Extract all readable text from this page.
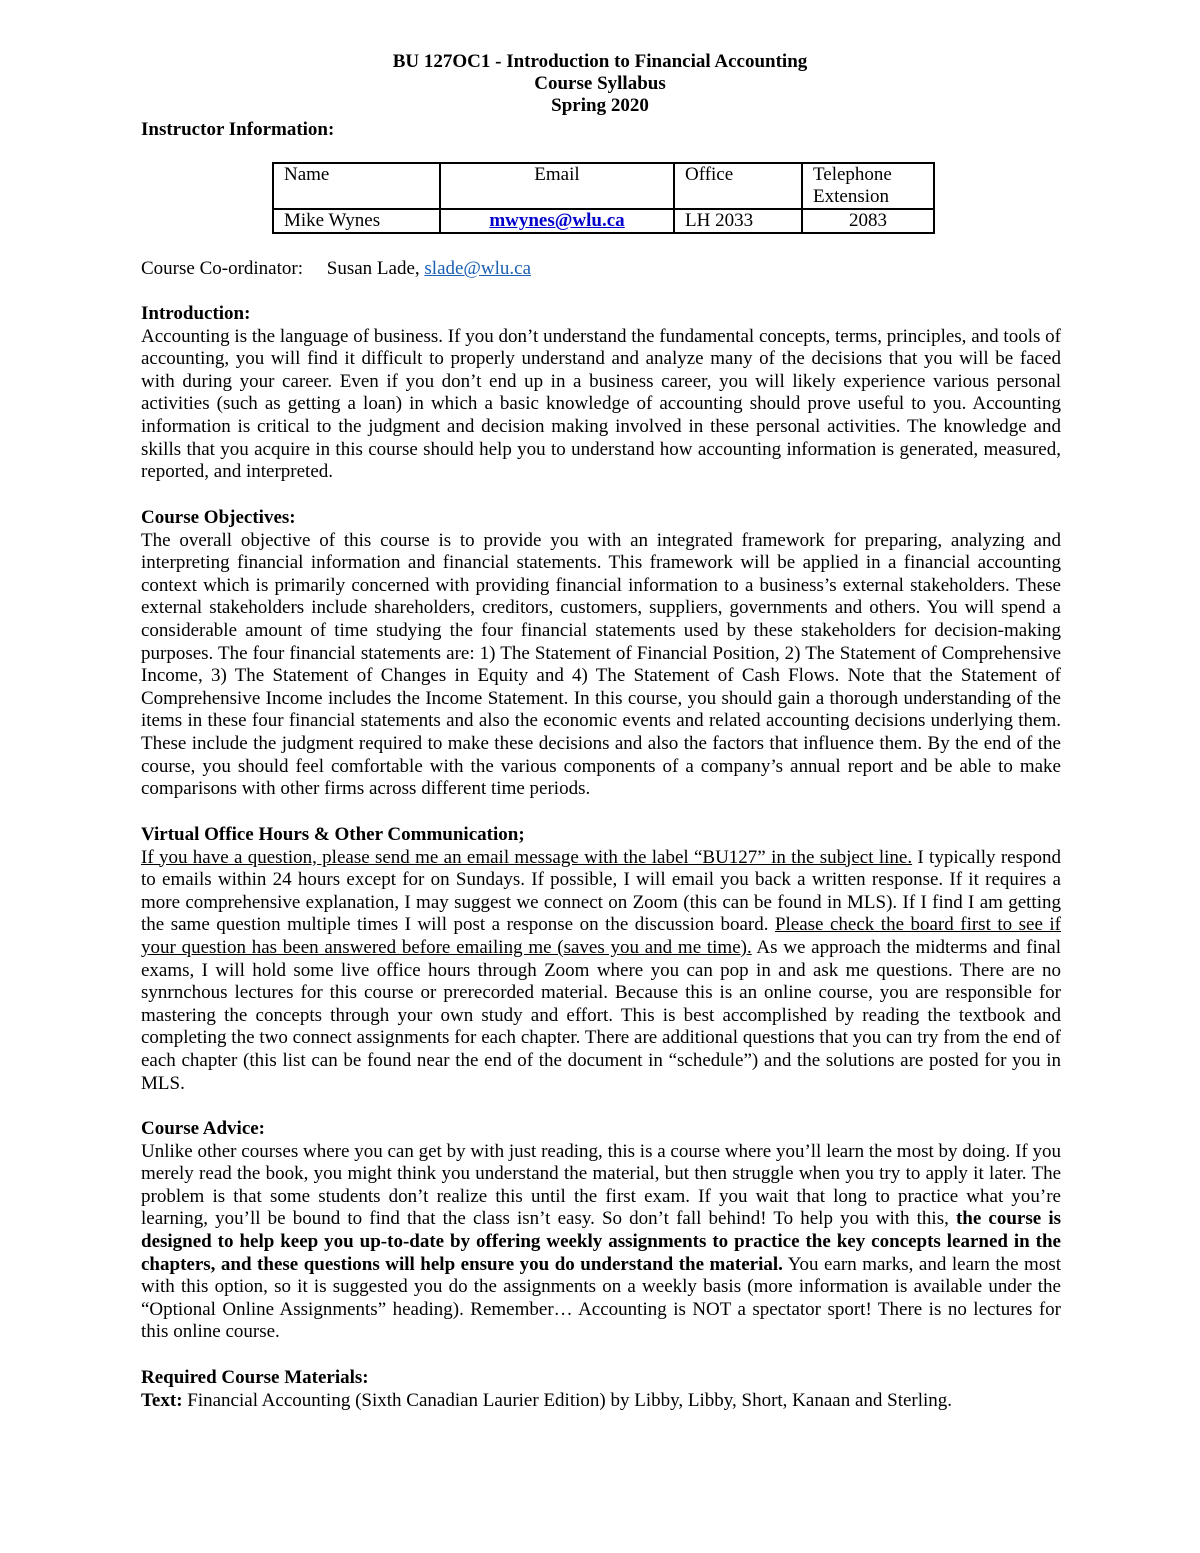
BU 127OC1 - Introduction to Financial Accounting
Course Syllabus
Spring 2020
Instructor Information:
Name	Email	Office	Telephone Extension
Mike Wynes	mwynes@wlu.ca	LH 2033	2083
Course Co-ordinator: Susan Lade, slade@wlu.ca
Introduction:

Accounting is the language of business. If you don’t understand the fundamental concepts, terms, principles, and tools of accounting, you will find it difficult to properly understand and analyze many of the decisions that you will be faced with during your career. Even if you don’t end up in a business career, you will likely experience various personal activities (such as getting a loan) in which a basic knowledge of accounting should prove useful to you. Accounting information is critical to the judgment and decision making involved in these personal activities. The knowledge and skills that you acquire in this course should help you to understand how accounting information is generated, measured, reported, and interpreted.

Course Objectives:

The overall objective of this course is to provide you with an integrated framework for preparing, analyzing and interpreting financial information and financial statements. This framework will be applied in a financial accounting context which is primarily concerned with providing financial information to a business’s external stakeholders. These external stakeholders include shareholders, creditors, customers, suppliers, governments and others. You will spend a considerable amount of time studying the four financial statements used by these stakeholders for decision-making purposes. The four financial statements are: 1) The Statement of Financial Position, 2) The Statement of Comprehensive Income, 3) The Statement of Changes in Equity and 4) The Statement of Cash Flows. Note that the Statement of Comprehensive Income includes the Income Statement. In this course, you should gain a thorough understanding of the items in these four financial statements and also the economic events and related accounting decisions underlying them. These include the judgment required to make these decisions and also the factors that influence them. By the end of the course, you should feel comfortable with the various components of a company’s annual report and be able to make comparisons with other firms across different time periods.

Virtual Office Hours & Other Communication;

If you have a question, please send me an email message with the label “BU127” in the subject line. I typically respond to emails within 24 hours except for on Sundays. If possible, I will email you back a written response. If it requires a more comprehensive explanation, I may suggest we connect on Zoom (this can be found in MLS). If I find I am getting the same question multiple times I will post a response on the discussion board. Please check the board first to see if your question has been answered before emailing me (saves you and me time). As we approach the midterms and final exams, I will hold some live office hours through Zoom where you can pop in and ask me questions. There are no synrnchous lectures for this course or prerecorded material. Because this is an online course, you are responsible for mastering the concepts through your own study and effort. This is best accomplished by reading the textbook and completing the two connect assignments for each chapter. There are additional questions that you can try from the end of each chapter (this list can be found near the end of the document in “schedule”) and the solutions are posted for you in MLS.

Course Advice:

Unlike other courses where you can get by with just reading, this is a course where you’ll learn the most by doing. If you merely read the book, you might think you understand the material, but then struggle when you try to apply it later. The problem is that some students don’t realize this until the first exam. If you wait that long to practice what you’re learning, you’ll be bound to find that the class isn’t easy. So don’t fall behind! To help you with this, the course is designed to help keep you up-to-date by offering weekly assignments to practice the key concepts learned in the chapters, and these questions will help ensure you do understand the material. You earn marks, and learn the most with this option, so it is suggested you do the assignments on a weekly basis (more information is available under the “Optional Online Assignments” heading). Remember… Accounting is NOT a spectator sport! There is no lectures for this online course.

Required Course Materials:

Text: Financial Accounting (Sixth Canadian Laurier Edition) by Libby, Libby, Short, Kanaan and Sterling.
